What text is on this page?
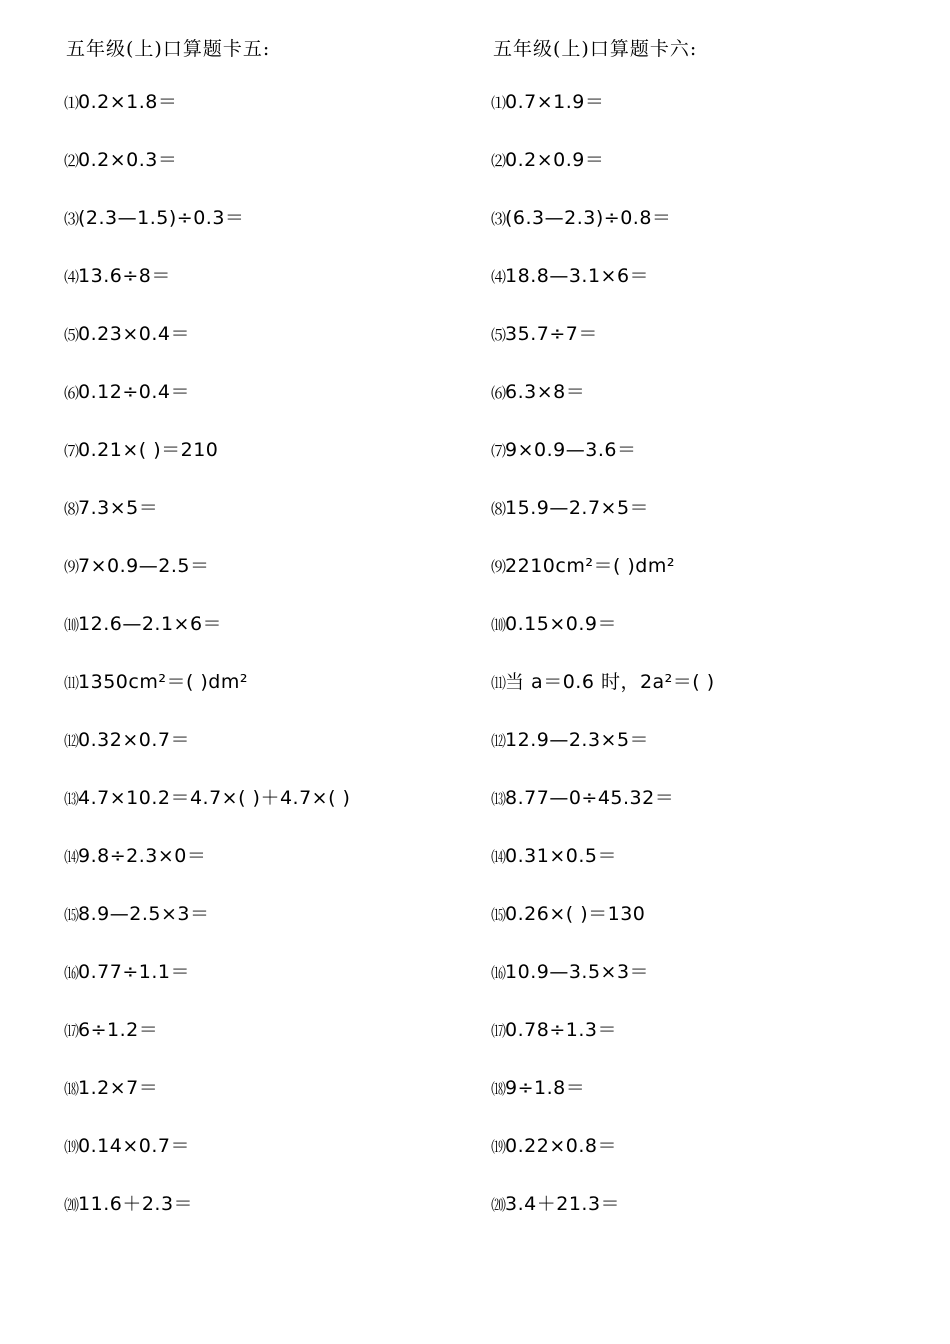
五年级(上)口算题卡五:
⑴0.2×1.8＝
⑵0.2×0.3＝
⑶(2.3—1.5)÷0.3＝
⑷13.6÷8＝
⑸0.23×0.4＝
⑹0.12÷0.4＝
⑺0.21×( )＝210
⑻7.3×5＝
⑼7×0.9—2.5＝
⑽12.6—2.1×6＝
⑾1350cm²＝( )dm²
⑿0.32×0.7＝
⒀4.7×10.2＝4.7×( )＋4.7×( )
⒁9.8÷2.3×0＝
⒂8.9—2.5×3＝
⒃0.77÷1.1＝
⒄6÷1.2＝
⒅1.2×7＝
⒆0.14×0.7＝
⒇11.6＋2.3＝
五年级(上)口算题卡六:
⑴0.7×1.9＝
⑵0.2×0.9＝
⑶(6.3—2.3)÷0.8＝
⑷18.8—3.1×6＝
⑸35.7÷7＝
⑹6.3×8＝
⑺9×0.9—3.6＝
⑻15.9—2.7×5＝
⑼2210cm²＝( )dm²
⑽0.15×0.9＝
⑾当 a＝0.6 时，2a²＝( )
⑿12.9—2.3×5＝
⒀8.77—0÷45.32＝
⒁0.31×0.5＝
⒂0.26×( )＝130
⒃10.9—3.5×3＝
⒄0.78÷1.3＝
⒅9÷1.8＝
⒆0.22×0.8＝
⒇3.4＋21.3＝
